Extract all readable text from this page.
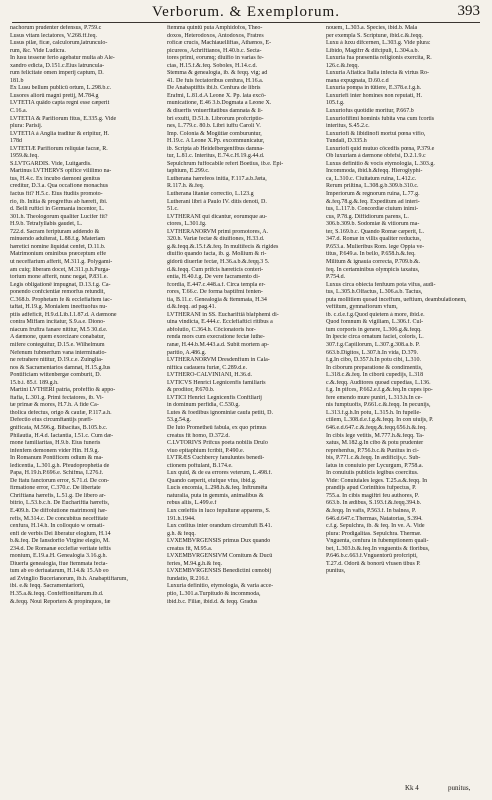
Verborum. & Exemplorum.	393

nachorum prudenter defensus, P.759.c

Lusus vitam lectatores, V.268.ff.feq.

Lusus pilæ, ficæ, calculorum,latrunculo-

rum, &c. Vide Ludicra.

In lusu tesseræ ferio agebatur multa ab Ale-

xandro edicta, D.151.c.Eius latruncula-

rum felicitate omen imperij captum, D.

181.b

Ex Lusu bellum publicū ortum, L.298.b.c.

Lusores aliorū magni pretij, M.784.g

LVTETIA quādo capta regni esse cæperit

C.16.a.

LVTETIA & Parifiorum fitus, E.335.g. Vide

plura: Parisij.

LVTETIA à Anglia traditur & eripitur, H.

178d

LVTETIÆ Parifiorum reliquiæ facræ, R.

1959.&.feq.

S.LVTGARDIS. Vide, Luitgardis.

Martinus LVTHERVS opifice vililimo na-

tus, H.4.c. Ex incubo dæmoni genitus

creditur, D.3.a. Qua occafione monachus

factus fit? H.5.c. Eius ftudiis promoto-

rio, ib. Initia & progreffus ab hærefi, ibi.

d. Belli ruftici in Germania incentor, L.

301.h. Theologorum qualiter Lucifer fit?

H.9.b. Tetrafyllabis gaudet, L.

722.d. Sacram feripturam addendo &

minuendo adulterat, L.88.f.g. Materiam

hæretici nomine liquidat cenfet, D.11.b.

Matrimonium ominibus præceptum effe

ut neceffarium afferit, M.311.g. Polygami-

am cuiq; liberam docet, M.311.p.h.Purga-

torium mone afferit, nunc negat, P.831.e.

Legis obligationē impugnat, D.13.f.g. Ca-

ponendo confcientiæ remorfus retundit,

C.368.b. Prophetam fe & ecclefiaftem iac-

taftat, H.19.g. Monialem ineeftuofus nu-

ptiis adfeficit, H.9.d.Lib.I.1.87.d. A dæmone

contra Miffam incitatur, S.9.a.e. Diono-

niacum fruftra fanare nititur, M.5 30.d.e.

A dæmone, quem exorcizare conabatur,

mifere conteguitur, D.15.e. Wilhelmum

Nefenum fubmerfum vana interminatio-

ne retrahere nititur, D.19.c.e. Zuinglia-

nos & Sacramentarios damnat, H.15.g.Ius

Pontificiam wittenbergæ comburit, D.

15.b.i. 85.f. 189.g.h.

Martini LVTHERI patria, profeffio & appo-

ftafia, L.301.g. Primi fectatores, ib. Vi-

tæ primæ & mores, H.7.h. A fide Ca-

tholica defectus, origo & caufæ, P.117.a.h.

Defectio eius circumftantijs præfi-

gnificata, M.596.g. Bibacitas, B.105.b.c.

Philautia, H.4.d. Iactantia, I.51.c. Cum dæ-

mone familiaritas, H.9.b. Eius funeris

infenfem demonem vider Hin. H.9.g.

In Romanum Pontificem odium & ma-

ledicentia, L.301.g.h. Pfeudoprophetia de

Papa, H.19.h.P.696.e. Schifma, I.276.f.

De ftatu fanctorum error, S.71.d. De con-

firmatione error, C.370.c. De libertate

Chriftiana hærefis, L.51.g. De libero ar-

bitrio, L.53.b.c.h. De Euchariftia hærefis,

E.409.h. De diffolutione matrimonij hæ-

refis, M.314.c. De concubitus neceffitate

cenfura, H.14.h. In colloquio w ormati-

enfi de verbis Dei liberatur elogium, H.14

b.&.feq. De Iansdorfio Virgine elegio, M.

234.d. De Romanæ ecclefiæ veritate teftis

monium, E.19.a.H. Genealogia 3.16.g.h.

Diuerfa genealogia, fiue ftemmata fecta-

tum ab eo deriuatarum, H.14.& 15.Ab eo

ad Zvinglio Bucerianorum, ib.h. Anabaptiftarum,

ibi. e.& feqq. Sacramentariorū,

H.35.a.&.feqq. Confeffioniftarum.ib.d.

&.feqq. Noui Reporters & propinquos, fæ

ftemma quintū puta Amphidofos, Theo-

doxos, Heterodoxos, Antodoxos, Fratres

roficæ crucis, Machiauelliftas, Athænos, E-

picureos, Achriftianos, H.40.b.c. Secta-

tores primi, eorumq; diuifio in varias fe-

ctas, H.15.f.&.feq. Soboles, H.14.c.d.

Stemma & genealogia, ib. & feqq. vig; ad

41. De fuis fectatoribus cenfura, H.16.a.

De Anabaptiftis ibi.b. Cenfura de libris

Erafmi, L.81.d.A Leone X. Pp. lata excō-

municatione, E.46 3.b.Dogmata a Leone X.

& diuerfis vniuerfitatibus damnata & li-

bri exufti, D.51.h. Librorum profcriptio-

nes, L.779.c. 80.b. Libri iuffu Caroli V.

Imp. Colonia & Mogūtiæ comburuntur,

H.19.c. A Leone X.Pp. excommunicatur,

ib. Scripta ab Heidelbergenfibus damna-

tur, L.81.c. Interitus, E.74.c.H.19.g.44.d.

Sepulchrum fuffocabile refert Boetius, ib.e. Epi-

taphium, E.299.c.

Lutherana hærefeos initia, F.117.a.b.Jæta,

R.117.h. &.feq.

Lutherana litaniæ correctio, L.123.g

Lutherani libri à Paulo IV. ditis denoti, D.

51.c.

LVTHERANI qui dicantur, eorumque au-

ctores, L.301.fg.

LVTHERANORVM primi promotores, A.

320.h. Variæ fectæ & diuifiones, H.33.d.

g.&.feqq.&.15.f.&.feq. In multifecis & rigides

diuifio quando facta, ib. g. Mollium & ri-

gidorū diuerfæ fectæ, H.36.a.b.&.feqq.3 5.

d.&.feqq. Cum prifcis hæreticis conteri-

entia, H.40.f.g. De vere facramento di-

fcordia, E.447.c.448.a.f. Circa templa er-

rores, T.66.c. De forma baptifmi fenten-

tia, B.11.c. Genealogia & ftemmata, H.34

d.&.feqq. ad pag.41.

LVTHERANI in SS. Euchariftiā blafphemi di-

uina vindicta, E.444.c. Ecclefiaftici ritibus a

abfolutio, C.364.h. Cōcionatoris hor-

renda mors cum execratione fectæ luthe-

ranæ, H.44.b.M.443.a.d. Subit mortem ap-

paritio, A.486.g.

LVTHERANORVM Dresdenfium in Cala-

niftica cadauera furiæ, C.289.d.e.

LVTHERO-CALVINIANI, H.36.d.

LVTICVS Henrici Legnicenfis familiaris

& proditor, P.670.b.

LVTICI Henrici Legnicenfis Conftliarij

in dominum perfidia, C.530.g.

Lutes & foedibus ignominiæ caufa petiti, D.

53.g.54.g.

De Iuto Prometheū fabula, ex quo primus

creatus fit homo, D.372.d.

C.LVTORIVS Prifcus poeta nobilis Druſo

viuo epitaphium fcribit, P.490.e.

LVTRÆS Cuchbercy fanuluntes benedi-

ctionem poftulant, B.174.e.

Lux quid, & de ea errores veterum, L.498.f.

Quando cæperit, eiufque vfus, ibid.g.

Lucis encomia, L.298.h.&.feq. Inftrumēta

naturalia, puta in gemmis, animalibus &

rebus aliis, L.499.e.f

Lux cœleftis in luco fepulturæ apparens, S.

191.h.1944.

Lux cœlitus inter orandum circumfufi B.41.

g.h. & feqq.

LVXEMBVRGENSIS primus Dux quando

creatus fit, M.95.a.

LVXEMBVRGENSIVM Comitum & Ducū

feries, M.94.g.h.& feq.

LVXEMBVRGENSIS Benedictini cœnobij

fundatio, R.216.f.

Luxuria definitio, etymologia, & varia acce-

ptio, L.301.a.Turpitudo & incommoda,

ibid.b.c. Filiæ, ibid.d. & feqq. Gradus

nouem, L.303.a. Species, ibid.b. Mala

per exempla S. Scripturæ, ibid.c.&.feqq.

Luxu à luxu difcernen, L.303.g. Vide plura:

Libido, Magifrr & difcipuli, L.304.a.b.

Luxuria fua præsentia religionis exercita, R.

126.c.&.feqq.

Luxuria Afiatica Italia infecta & virtus Ro-

mana expugnata, D.60.c.d

Luxuria pompa in tūtiere, E.378.e.f.g.h.

Luxuriefi inter homines non reputati, H.

105.f.g.

Luxuriofus quotidie moritur, P.667.b

Luxuriofifimi hominis fubita vna cum fcortis

interitus, S.45.2.c.

Luxuriofi & libidinofi mortui pœna vifio,

Tundali, D.335.h

Luxuriofi quid mutuo cōcedfis pœna, P.379.e

Ob luxuriam à dæmone obfefsi, D.2.1.9.c

Luxus definitio & vocis etymologia, L.303.g.

Incommoda, ibid.h.&feqq. Hieroglyphi-

ca, L.310.c. Ciuitatum ruina, L.412.c.

Rerum priſtina, L.308.g.b.309.b.310.c.

Imperiorum & regnorum ruina, L.77.g.

&.feq.78.g.&.feq. Expeditum ad interi-

tus, L.117.b. Concordiæ ciuium inimi-

cus, P.78.g. Diffidiorum parens, L.

306.b.309.b. Sodomiæ & vitiorum ma-

ter, S.169.b.c. Quando Romæ cæperit, L.

347.d. Romæ in villis qualiter reductus,

P.653.a. Mulieribus Rom. lege Oppia ve-

titus, P.649.a. In bello, P.658.h.&.feq.

Militum & ignauia correcta, P.709.b.&.

feq. In certaminibus olympicis taxatus,

P.754.d.

Luxus circa obiecta fenfuum pota vifus, audi-

tus, L.305.h.Olfactus, L.306.a.b. Tactus,

puta mollitiem quoad inceffum, ueftium, deambulationem,

veftitum, gymnafiorum vfum,

ib. c.d.e.f.g.Quod quietem à more, ibid.e.

Quod fomnum & vigiliam, L.306.f. Cul-

tum corporis in genere, L.306.g.&.feqq.

In ſpecie circa ornatum faciei, coloris, L.

307.f.g.Capillorum, L.307.g.308.a.b. P.

663.b.Digitos, L.307.h.In vida, D.379.

f.g.In cibo, D.357.h.In potu cibi, L.310.

In ciborum preparatione & condimentis,

L.318.c.&.feq. In ciborū cupedijs, L.318

c.&.feqq. Auditores quoad cupedias, L.136.

f.g. In pifces, P.662.e.f.g.&.feq.In cupes ipo-

fere emendo mure puniri, L.313.h.In ce-

nis fumptuofis, P.661.c.&.feqq. In pecunijs,

L.313.f.g.h.In potu, L.315.h. In fupelle-

ctilem, L.308.d.e.f.g.&.feqq. In con uiuijs, P.

646.e.d.647.c.&.feqq.&.feqq.656.h.&.feq.

In cibis lege vetitis, M.777.h.&.feqq. Ta-

xatus, M.182.g.In cibo & potu prudenter

reprehenfus, P.756.b.c.& Punitus in ci-

bis, P.771.c.&.feqq. In ædificijs,c. Sub-

latus in conuiuio per Lycurgum, P.758.a.

In conuiuiis publicis legibus coercitus.

Vide: Conuiuiales leges. T.25.a.&.feqq. In

prandijs apud Corinthios fufpectus, P.

755.a. In cibis magiftri feu authores, P.

663.b. In ædibus, S.193.f.&.feqq.394.b.

&.feqq. In vafis, P.563.f. In balnea, P.

646.d.647.c.Thermas, Natatorias, S.394.

c.f.g. Sepulchra, ib. & feq. In ve. A. Vide

plura: Prodigalitas. Sepulchra. Thermæ.

Vnguenta, cenfura in fubemptionem quali-

bet, L.303.b.&.feq.In vnguentis & floribus,

P.646.b.c.663.f.Vnguentorū profcripti,

T.27.d. Odorū & bonorū vfusen tibus P.

punitus,

Kk 4	punitus,
